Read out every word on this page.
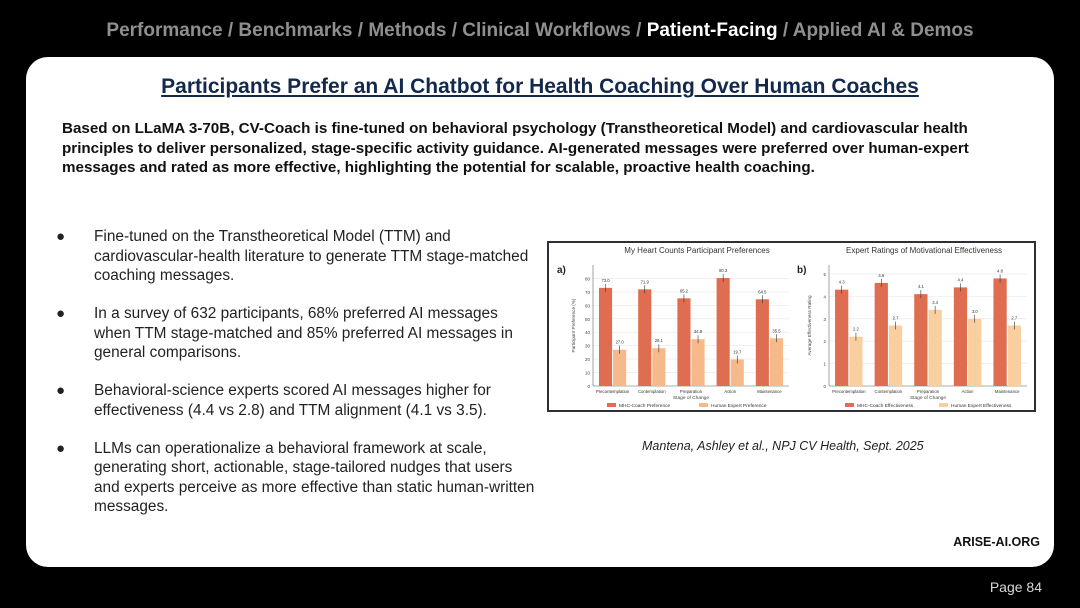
Performance / Benchmarks / Methods / Clinical Workflows / Patient-Facing / Applied AI & Demos
Participants Prefer an AI Chatbot for Health Coaching Over Human Coaches
Based on LLaMA 3-70B, CV-Coach is fine-tuned on behavioral psychology (Transtheoretical Model) and cardiovascular health principles to deliver personalized, stage-specific activity guidance. AI-generated messages were preferred over human-expert messages and rated as more effective, highlighting the potential for scalable, proactive health coaching.
● Fine-tuned on the Transtheoretical Model (TTM) and cardiovascular-health literature to generate TTM stage-matched coaching messages.
● In a survey of 632 participants, 68% preferred AI messages when TTM stage-matched and 85% preferred AI messages in general comparisons.
● Behavioral-science experts scored AI messages higher for effectiveness (4.4 vs 2.8) and TTM alignment (4.1 vs 3.5).
● LLMs can operationalize a behavioral framework at scale, generating short, actionable, stage-tailored nudges that users and experts perceive as more effective than static human-written messages.
My Heart Counts Participant Preferences
a)
0
10
20
30
40
50
60
70
80
Participant Preference (%)
73.0
27.0
Precontemplation
71.9
28.1
Contemplation
65.2
34.8
Preparation
80.3
19.7
Action
64.5
35.5
Maintenance
Stage of Change
MHC-Coach Preference	Human Expert Preference
Expert Ratings of Motivational Effectiveness
b)
0
1
2
3
4
5
Average Effectiveness Rating
4.3
2.2
Precontemplation
4.6
2.7
Contemplation
4.1
3.4
Preparation
4.4
3.0
Action
4.8
2.7
Maintenance
Stage of Change
MHC-Coach Effectiveness	Human Expert Effectiveness
Mantena, Ashley et al., NPJ CV Health, Sept. 2025
ARISE-AI.ORG
Page 84
